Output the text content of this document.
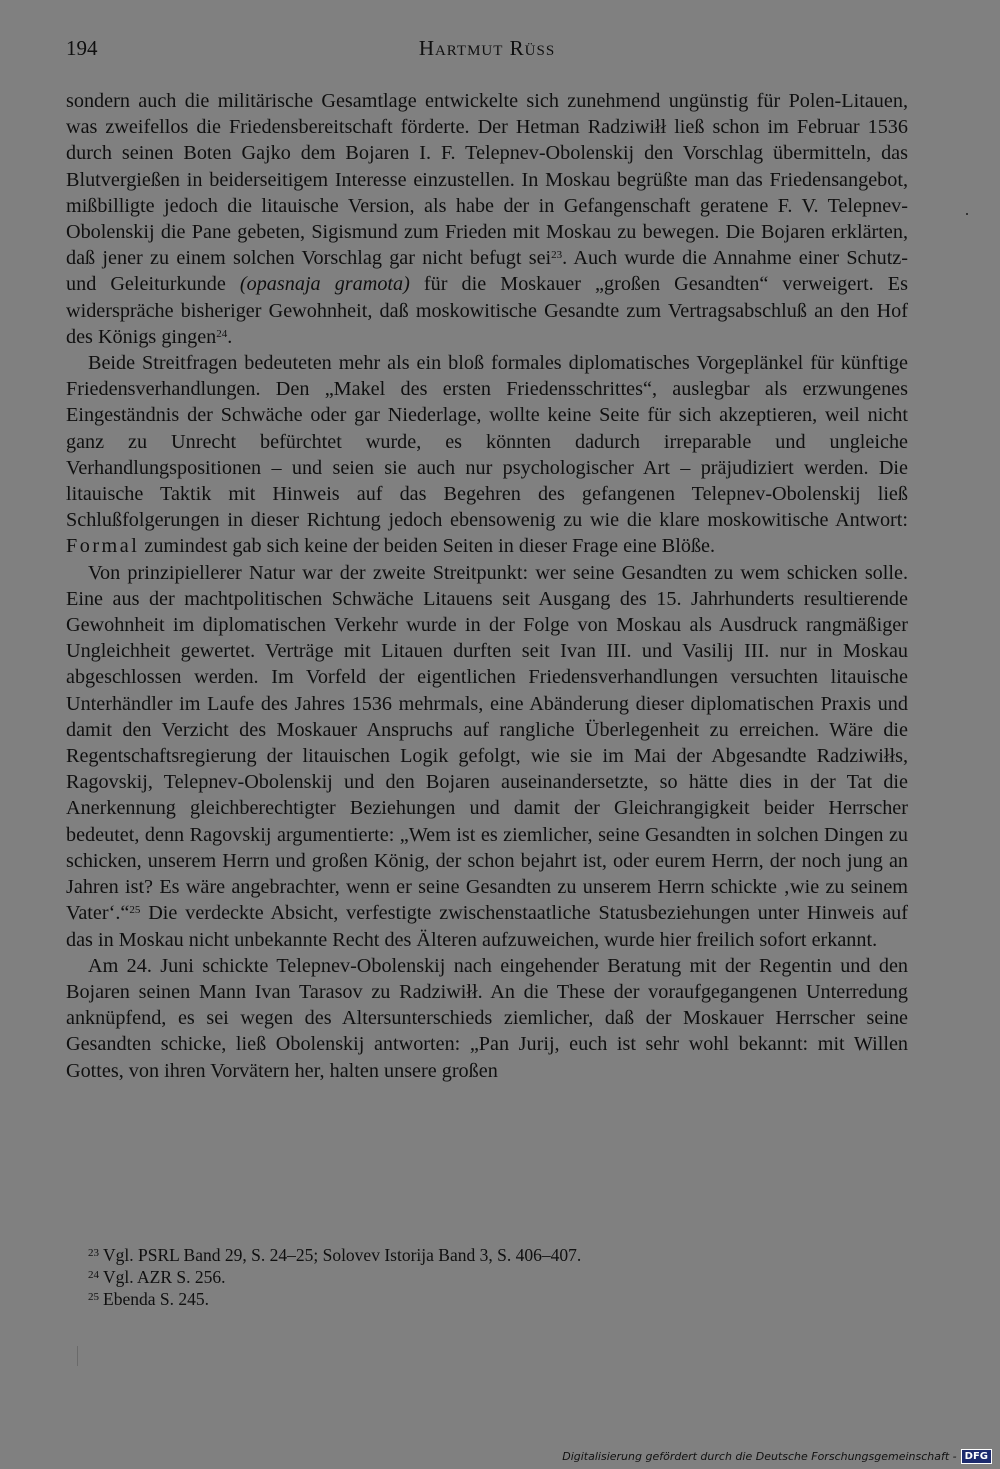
194	Hartmut Rüss

sondern auch die militärische Gesamtlage entwickelte sich zunehmend ungünstig für Polen-Litauen, was zweifellos die Friedensbereitschaft förderte. Der Hetman Radziwiłł ließ schon im Februar 1536 durch seinen Boten Gajko dem Bojaren I. F. Telepnev-Obolenskij den Vorschlag übermitteln, das Blutvergießen in beiderseitigem Interesse einzustellen. In Moskau begrüßte man das Friedensangebot, mißbilligte jedoch die litauische Version, als habe der in Gefangenschaft geratene F. V. Telepnev-Obolenskij die Pane gebeten, Sigismund zum Frieden mit Moskau zu bewegen. Die Bojaren erklärten, daß jener zu einem solchen Vorschlag gar nicht befugt sei$^{23}$. Auch wurde die Annahme einer Schutz- und Geleiturkunde (opasnaja gramota) für die Moskauer „großen Gesandten“ verweigert. Es widerspräche bisheriger Gewohnheit, daß moskowitische Gesandte zum Vertragsabschluß an den Hof des Königs gingen$^{24}$.

Beide Streitfragen bedeuteten mehr als ein bloß formales diplomatisches Vorgeplänkel für künftige Friedensverhandlungen. Den „Makel des ersten Friedensschrittes“, auslegbar als erzwungenes Eingeständnis der Schwäche oder gar Niederlage, wollte keine Seite für sich akzeptieren, weil nicht ganz zu Unrecht befürchtet wurde, es könnten dadurch irreparable und ungleiche Verhandlungspositionen – und seien sie auch nur psychologischer Art – präjudiziert werden. Die litauische Taktik mit Hinweis auf das Begehren des gefangenen Telepnev-Obolenskij ließ Schlußfolgerungen in dieser Richtung jedoch ebensowenig zu wie die klare moskowitische Antwort: Formal zumindest gab sich keine der beiden Seiten in dieser Frage eine Blöße.

Von prinzipiellerer Natur war der zweite Streitpunkt: wer seine Gesandten zu wem schicken solle. Eine aus der machtpolitischen Schwäche Litauens seit Ausgang des 15. Jahrhunderts resultierende Gewohnheit im diplomatischen Verkehr wurde in der Folge von Moskau als Ausdruck rangmäßiger Ungleichheit gewertet. Verträge mit Litauen durften seit Ivan III. und Vasilij III. nur in Moskau abgeschlossen werden. Im Vorfeld der eigentlichen Friedensverhandlungen versuchten litauische Unterhändler im Laufe des Jahres 1536 mehrmals, eine Abänderung dieser diplomatischen Praxis und damit den Verzicht des Moskauer Anspruchs auf rangliche Überlegenheit zu erreichen. Wäre die Regentschaftsregierung der litauischen Logik gefolgt, wie sie im Mai der Abgesandte Radziwiłłs, Ragovskij, Telepnev-Obolenskij und den Bojaren auseinandersetzte, so hätte dies in der Tat die Anerkennung gleichberechtigter Beziehungen und damit der Gleichrangigkeit beider Herrscher bedeutet, denn Ragovskij argumentierte: „Wem ist es ziemlicher, seine Gesandten in solchen Dingen zu schicken, unserem Herrn und großen König, der schon bejahrt ist, oder eurem Herrn, der noch jung an Jahren ist? Es wäre angebrachter, wenn er seine Gesandten zu unserem Herrn schickte ‚wie zu seinem Vater‘.“$^{25}$ Die verdeckte Absicht, verfestigte zwischenstaatliche Statusbeziehungen unter Hinweis auf das in Moskau nicht unbekannte Recht des Älteren aufzuweichen, wurde hier freilich sofort erkannt.

Am 24. Juni schickte Telepnev-Obolenskij nach eingehender Beratung mit der Regentin und den Bojaren seinen Mann Ivan Tarasov zu Radziwiłł. An die These der voraufgegangenen Unterredung anknüpfend, es sei wegen des Altersunterschieds ziemlicher, daß der Moskauer Herrscher seine Gesandten schicke, ließ Obolenskij antworten: „Pan Jurij, euch ist sehr wohl bekannt: mit Willen Gottes, von ihren Vorvätern her, halten unsere großen

$^{23}$ Vgl. PSRL Band 29, S. 24–25; Solovev Istorija Band 3, S. 406–407.

$^{24}$ Vgl. AZR S. 256.

$^{25}$ Ebenda S. 245.

Digitalisierung gefördert durch die Deutsche Forschungsgemeinschaft - DFG
